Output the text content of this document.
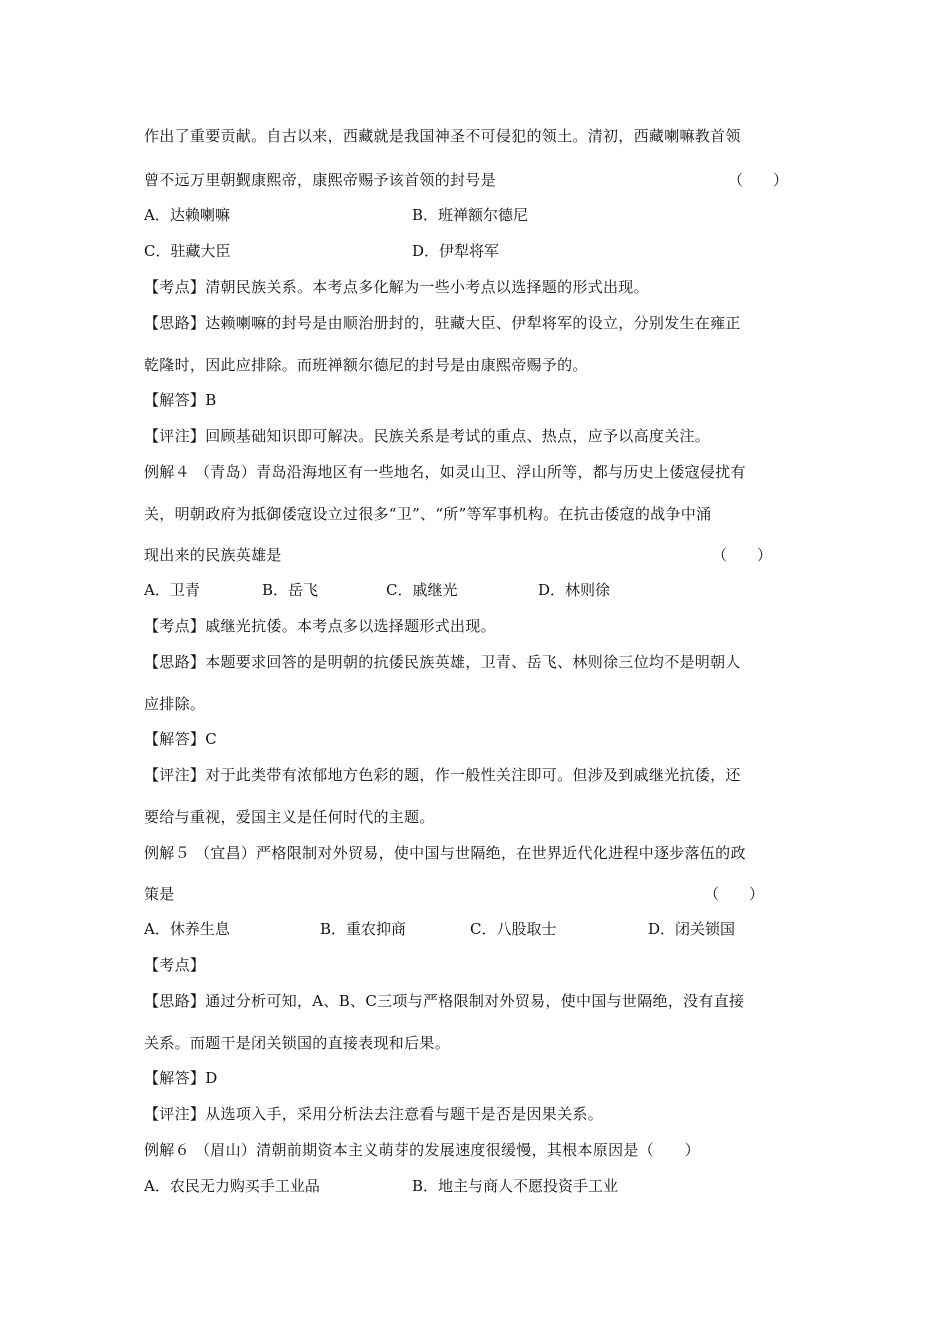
作出了重要贡献。自古以来，西藏就是我国神圣不可侵犯的领土。清初，西藏喇嘛教首领
曾不远万里朝觐康熙帝，康熙帝赐予该首领的封号是	（　　）
A．达赖喇嘛	B．班禅额尔德尼
C．驻藏大臣	D．伊犁将军
【考点】清朝民族关系。本考点多化解为一些小考点以选择题的形式出现。
【思路】达赖喇嘛的封号是由顺治册封的，驻藏大臣、伊犁将军的设立，分别发生在雍正
乾隆时，因此应排除。而班禅额尔德尼的封号是由康熙帝赐予的。
【解答】B
【评注】回顾基础知识即可解决。民族关系是考试的重点、热点，应予以高度关注。
例解４ （青岛）青岛沿海地区有一些地名，如灵山卫、浮山所等，都与历史上倭寇侵扰有
关，明朝政府为抵御倭寇设立过很多“卫”、“所”等军事机构。在抗击倭寇的战争中涌
现出来的民族英雄是	（　　）
A．卫青	B．岳飞	C．戚继光	D．林则徐
【考点】戚继光抗倭。本考点多以选择题形式出现。
【思路】本题要求回答的是明朝的抗倭民族英雄，卫青、岳飞、林则徐三位均不是明朝人
应排除。
【解答】C
【评注】对于此类带有浓郁地方色彩的题，作一般性关注即可。但涉及到戚继光抗倭，还
要给与重视，爱国主义是任何时代的主题。
例解５ （宜昌）严格限制对外贸易，使中国与世隔绝，在世界近代化进程中逐步落伍的政
策是	（　　）
A．休养生息	B．重农抑商	C．八股取士	D．闭关锁国
【考点】
【思路】通过分析可知，A、B、C三项与严格限制对外贸易，使中国与世隔绝，没有直接
关系。而题干是闭关锁国的直接表现和后果。
【解答】D
【评注】从选项入手，采用分析法去注意看与题干是否是因果关系。
例解６ （眉山）清朝前期资本主义萌芽的发展速度很缓慢，其根本原因是（　　）
A．农民无力购买手工业品	B．地主与商人不愿投资手工业
